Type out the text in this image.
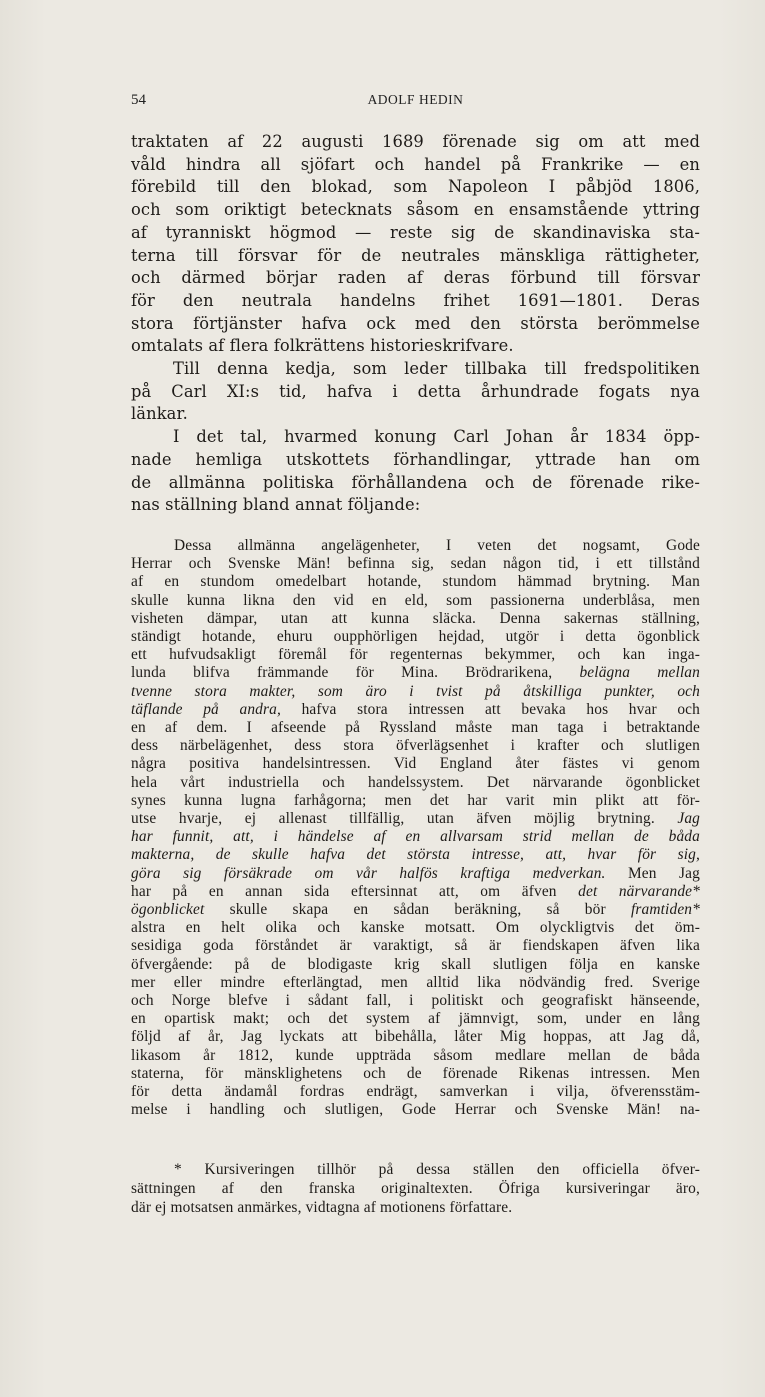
54	ADOLF HEDIN

traktaten af 22 augusti 1689 förenade sig om att med
våld hindra all sjöfart och handel på Frankrike — en
förebild till den blokad, som Napoleon I påbjöd 1806,
och som oriktigt betecknats såsom en ensamstående yttring
af tyranniskt högmod — reste sig de skandinaviska sta-
terna till försvar för de neutrales mänskliga rättigheter,
och därmed börjar raden af deras förbund till försvar
för den neutrala handelns frihet 1691—1801. Deras
stora förtjänster hafva ock med den största berömmelse
omtalats af flera folkrättens historieskrifvare.

Till denna kedja, som leder tillbaka till fredspolitiken
på Carl XI:s tid, hafva i detta århundrade fogats nya
länkar.

I det tal, hvarmed konung Carl Johan år 1834 öpp-
nade hemliga utskottets förhandlingar, yttrade han om
de allmänna politiska förhållandena och de förenade rike-
nas ställning bland annat följande:

Dessa allmänna angelägenheter, I veten det nogsamt, Gode
Herrar och Svenske Män! befinna sig, sedan någon tid, i ett tillstånd
af en stundom omedelbart hotande, stundom hämmad brytning. Man
skulle kunna likna den vid en eld, som passionerna underblåsa, men
visheten dämpar, utan att kunna släcka. Denna sakernas ställning,
ständigt hotande, ehuru oupphörligen hejdad, utgör i detta ögonblick
ett hufvudsakligt föremål för regenternas bekymmer, och kan inga-
lunda blifva främmande för Mina. Brödrarikena, belägna mellan
tvenne stora makter, som äro i tvist på åtskilliga punkter, och
täflande på andra, hafva stora intressen att bevaka hos hvar och
en af dem. I afseende på Ryssland måste man taga i betraktande
dess närbelägenhet, dess stora öfverlägsenhet i krafter och slutligen
några positiva handelsintressen. Vid England åter fästes vi genom
hela vårt industriella och handelssystem. Det närvarande ögonblicket
synes kunna lugna farhågorna; men det har varit min plikt att för-
utse hvarje, ej allenast tillfällig, utan äfven möjlig brytning. Jag
har funnit, att, i händelse af en allvarsam strid mellan de båda
makterna, de skulle hafva det största intresse, att, hvar för sig,
göra sig försäkrade om vår halfös kraftiga medverkan. Men Jag
har på en annan sida eftersinnat att, om äfven det närvarande*
ögonblicket skulle skapa en sådan beräkning, så bör framtiden*
alstra en helt olika och kanske motsatt. Om olyckligtvis det öm-
sesidiga goda förståndet är varaktigt, så är fiendskapen äfven lika
öfvergående: på de blodigaste krig skall slutligen följa en kanske
mer eller mindre efterlängtad, men alltid lika nödvändig fred. Sverige
och Norge blefve i sådant fall, i politiskt och geografiskt hänseende,
en opartisk makt; och det system af jämnvigt, som, under en lång
följd af år, Jag lyckats att bibehålla, låter Mig hoppas, att Jag då,
likasom år 1812, kunde uppträda såsom medlare mellan de båda
staterna, för mänsklighetens och de förenade Rikenas intressen. Men
för detta ändamål fordras endrägt, samverkan i vilja, öfverensstäm-
melse i handling och slutligen, Gode Herrar och Svenske Män! na-
* Kursiveringen tillhör på dessa ställen den officiella öfver-
sättningen af den franska originaltexten. Öfriga kursiveringar äro,
där ej motsatsen anmärkes, vidtagna af motionens författare.
